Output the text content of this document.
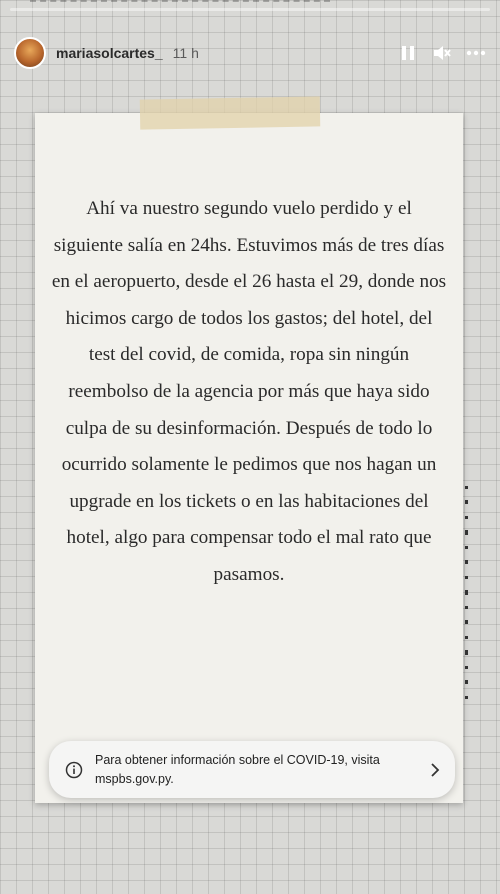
mariasolcartes_ 11 h

Ahí va nuestro segundo vuelo perdido y el siguiente salía en 24hs. Estuvimos más de tres días en el aeropuerto, desde el 26 hasta el 29, donde nos hicimos cargo de todos los gastos; del hotel, del test del covid, de comida, ropa sin ningún reembolso de la agencia por más que haya sido culpa de su desinformación. Después de todo lo ocurrido solamente le pedimos que nos hagan un upgrade en los tickets o en las habitaciones del hotel, algo para compensar todo el mal rato que pasamos.

Para obtener información sobre el COVID-19, visita mspbs.gov.py.
